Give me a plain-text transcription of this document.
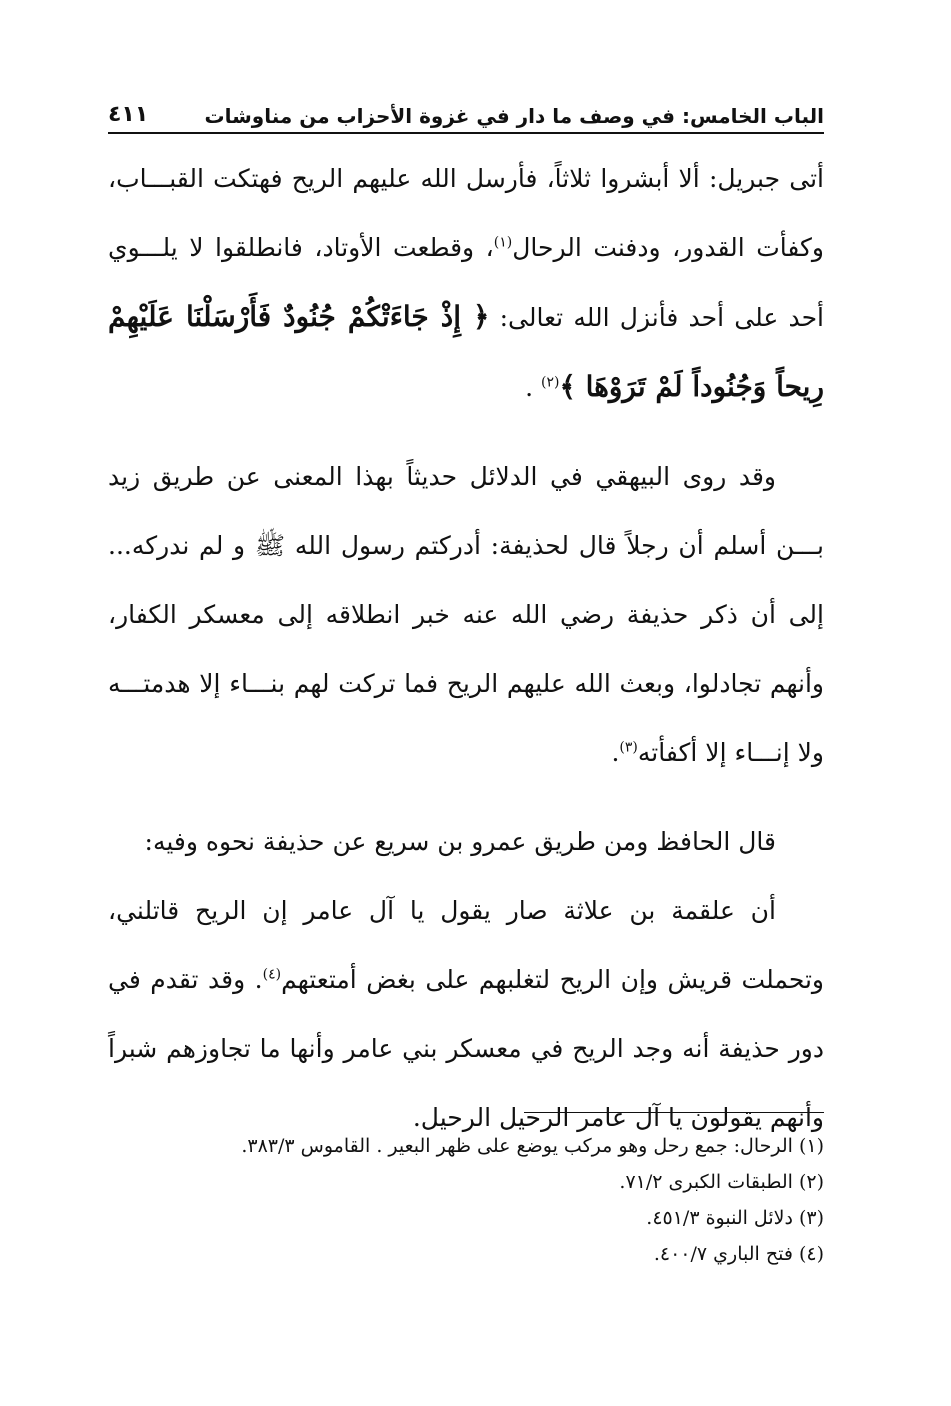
الباب الخامس: في وصف ما دار في غزوة الأحزاب من مناوشات
٤١١

أتى جبريل: ألا أبشروا ثلاثاً، فأرسل الله عليهم الريح فهتكت القبـــاب، وكفأت القدور، ودفنت الرحال$^{(١)}$، وقطعت الأوتاد، فانطلقوا لا يلـــوي أحد على أحد فأنزل الله تعالى: ﴿ إِذْ جَاءَتْكُمْ جُنُودٌ فَأَرْسَلْنَا عَلَيْهِمْ رِيحاً وَجُنُوداً لَمْ تَرَوْهَا ﴾$^{(٢)}$ .

وقد روى البيهقي في الدلائل حديثاً بهذا المعنى عن طريق زيد بـــن أسلم أن رجلاً قال لحذيفة: أدركتم رسول الله ﷺ و لم ندركه... إلى أن ذكر حذيفة رضي الله عنه خبر انطلاقه إلى معسكر الكفار، وأنهم تجادلوا، وبعث الله عليهم الريح فما تركت لهم بنـــاء إلا هدمتـــه ولا إنـــاء إلا أكفأته$^{(٣)}$.

قال الحافظ ومن طريق عمرو بن سريع عن حذيفة نحوه وفيه:

أن علقمة بن علاثة صار يقول يا آل عامر إن الريح قاتلني، وتحملت قريش وإن الريح لتغلبهم على بغض أمتعتهم$^{(٤)}$. وقد تقدم في دور حذيفة أنه وجد الريح في معسكر بني عامر وأنها ما تجاوزهم شبراً وأنهم يقولون يا آل عامر الرحيل الرحيل.

(١) الرحال: جمع رحل وهو مركب يوضع على ظهر البعير . القاموس ٣٨٣/٣.

(٢) الطبقات الكبرى ٧١/٢.

(٣) دلائل النبوة ٤٥١/٣.

(٤) فتح الباري ٤٠٠/٧.
